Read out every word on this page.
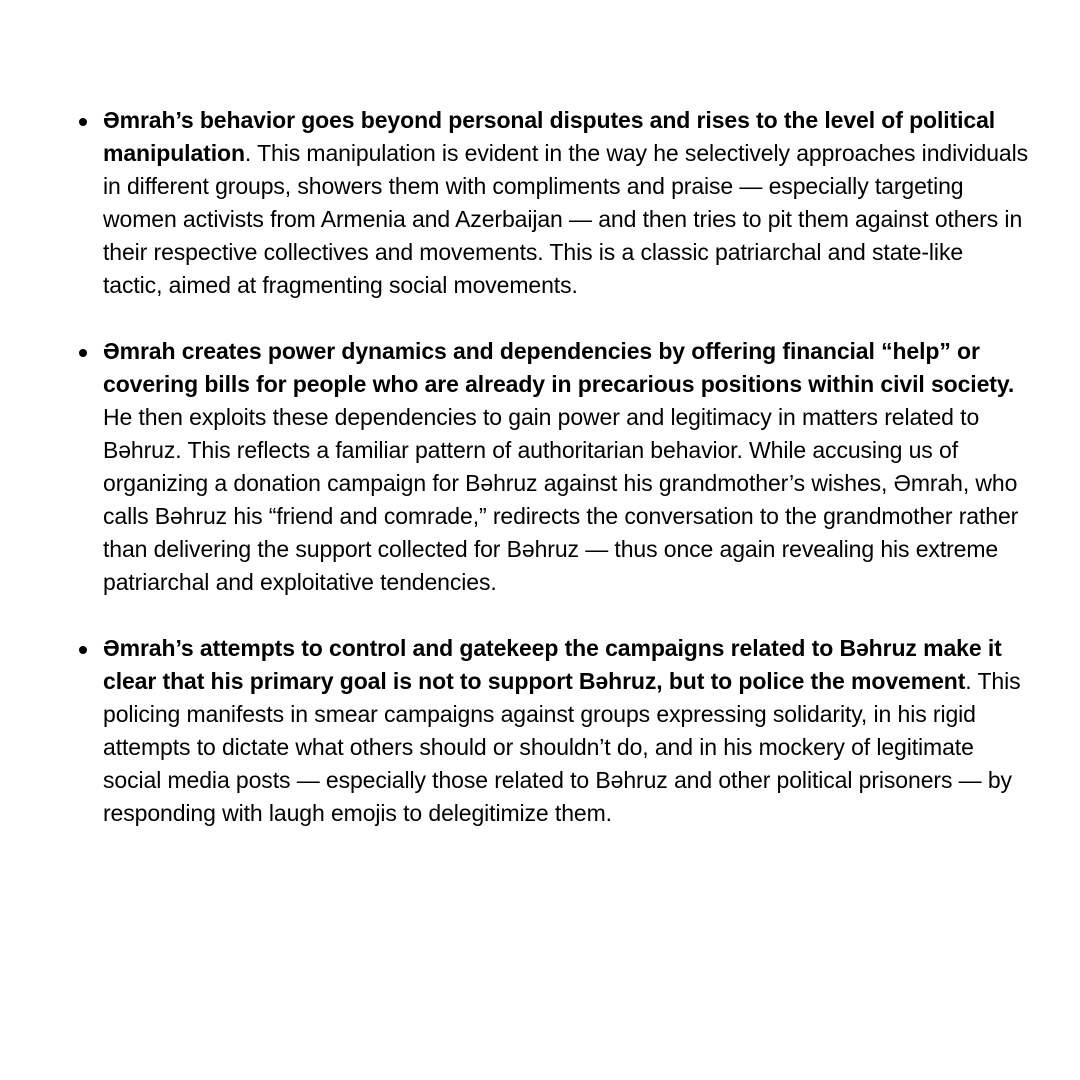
Əmrah’s behavior goes beyond personal disputes and rises to the level of political manipulation. This manipulation is evident in the way he selectively approaches individuals in different groups, showers them with compliments and praise — especially targeting women activists from Armenia and Azerbaijan — and then tries to pit them against others in their respective collectives and movements. This is a classic patriarchal and state-like tactic, aimed at fragmenting social movements.
Əmrah creates power dynamics and dependencies by offering financial “help” or covering bills for people who are already in precarious positions within civil society. He then exploits these dependencies to gain power and legitimacy in matters related to Bəhruz. This reflects a familiar pattern of authoritarian behavior. While accusing us of organizing a donation campaign for Bəhruz against his grandmother’s wishes, Əmrah, who calls Bəhruz his “friend and comrade,” redirects the conversation to the grandmother rather than delivering the support collected for Bəhruz — thus once again revealing his extreme patriarchal and exploitative tendencies.
Əmrah’s attempts to control and gatekeep the campaigns related to Bəhruz make it clear that his primary goal is not to support Bəhruz, but to police the movement. This policing manifests in smear campaigns against groups expressing solidarity, in his rigid attempts to dictate what others should or shouldn’t do, and in his mockery of legitimate social media posts — especially those related to Bəhruz and other political prisoners — by responding with laugh emojis to delegitimize them.
